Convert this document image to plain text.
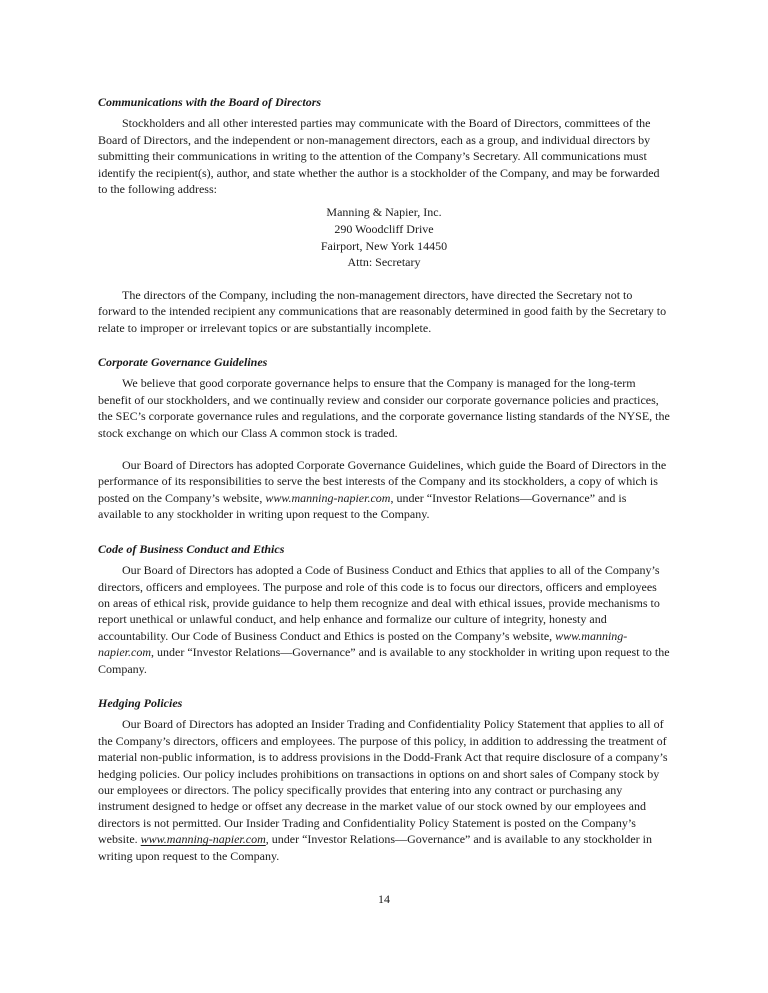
Communications with the Board of Directors

Stockholders and all other interested parties may communicate with the Board of Directors, committees of the Board of Directors, and the independent or non-management directors, each as a group, and individual directors by submitting their communications in writing to the attention of the Company’s Secretary. All communications must identify the recipient(s), author, and state whether the author is a stockholder of the Company, and may be forwarded to the following address:

Manning & Napier, Inc.
290 Woodcliff Drive
Fairport, New York 14450
Attn: Secretary

The directors of the Company, including the non-management directors, have directed the Secretary not to forward to the intended recipient any communications that are reasonably determined in good faith by the Secretary to relate to improper or irrelevant topics or are substantially incomplete.

Corporate Governance Guidelines

We believe that good corporate governance helps to ensure that the Company is managed for the long-term benefit of our stockholders, and we continually review and consider our corporate governance policies and practices, the SEC’s corporate governance rules and regulations, and the corporate governance listing standards of the NYSE, the stock exchange on which our Class A common stock is traded.

Our Board of Directors has adopted Corporate Governance Guidelines, which guide the Board of Directors in the performance of its responsibilities to serve the best interests of the Company and its stockholders, a copy of which is posted on the Company’s website, www.manning-napier.com, under “Investor Relations—Governance” and is available to any stockholder in writing upon request to the Company.

Code of Business Conduct and Ethics

Our Board of Directors has adopted a Code of Business Conduct and Ethics that applies to all of the Company’s directors, officers and employees. The purpose and role of this code is to focus our directors, officers and employees on areas of ethical risk, provide guidance to help them recognize and deal with ethical issues, provide mechanisms to report unethical or unlawful conduct, and help enhance and formalize our culture of integrity, honesty and accountability. Our Code of Business Conduct and Ethics is posted on the Company’s website, www.manning-napier.com, under “Investor Relations—Governance” and is available to any stockholder in writing upon request to the Company.

Hedging Policies

Our Board of Directors has adopted an Insider Trading and Confidentiality Policy Statement that applies to all of the Company’s directors, officers and employees. The purpose of this policy, in addition to addressing the treatment of material non-public information, is to address provisions in the Dodd-Frank Act that require disclosure of a company’s hedging policies. Our policy includes prohibitions on transactions in options on and short sales of Company stock by our employees or directors. The policy specifically provides that entering into any contract or purchasing any instrument designed to hedge or offset any decrease in the market value of our stock owned by our employees and directors is not permitted. Our Insider Trading and Confidentiality Policy Statement is posted on the Company’s website. www.manning-napier.com, under “Investor Relations—Governance” and is available to any stockholder in writing upon request to the Company.

14
